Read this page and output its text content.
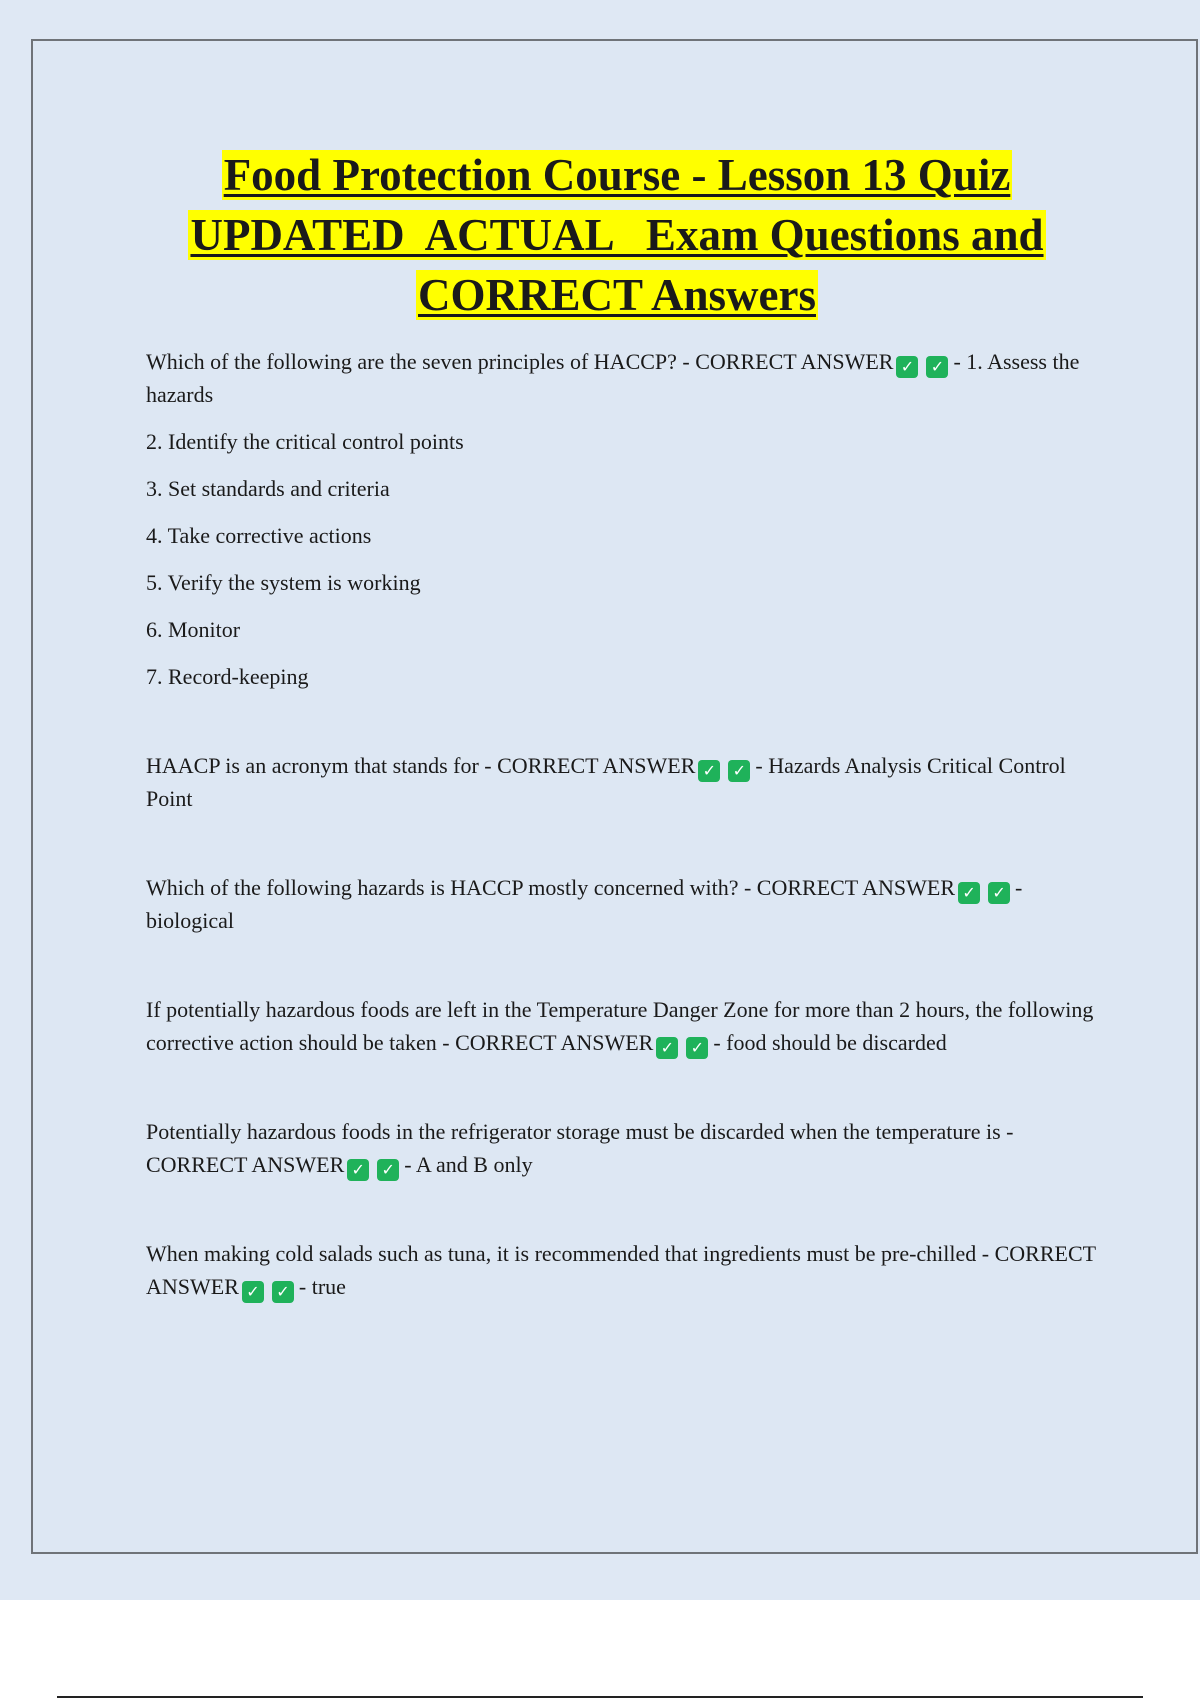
Food Protection Course - Lesson 13 Quiz
UPDATED  ACTUAL   Exam Questions and
CORRECT Answers

Which of the following are the seven principles of HACCP? - CORRECT ANSWER ✓ ✓ - 1. Assess the hazards

2. Identify the critical control points

3. Set standards and criteria

4. Take corrective actions

5. Verify the system is working

6. Monitor

7. Record-keeping

HAACP is an acronym that stands for - CORRECT ANSWER ✓ ✓ - Hazards Analysis Critical Control Point

Which of the following hazards is HACCP mostly concerned with? - CORRECT ANSWER ✓ ✓ - biological

If potentially hazardous foods are left in the Temperature Danger Zone for more than 2 hours, the following corrective action should be taken - CORRECT ANSWER ✓ ✓ - food should be discarded

Potentially hazardous foods in the refrigerator storage must be discarded when the temperature is - CORRECT ANSWER ✓ ✓ - A and B only

When making cold salads such as tuna, it is recommended that ingredients must be pre-chilled - CORRECT ANSWER ✓ ✓ - true
